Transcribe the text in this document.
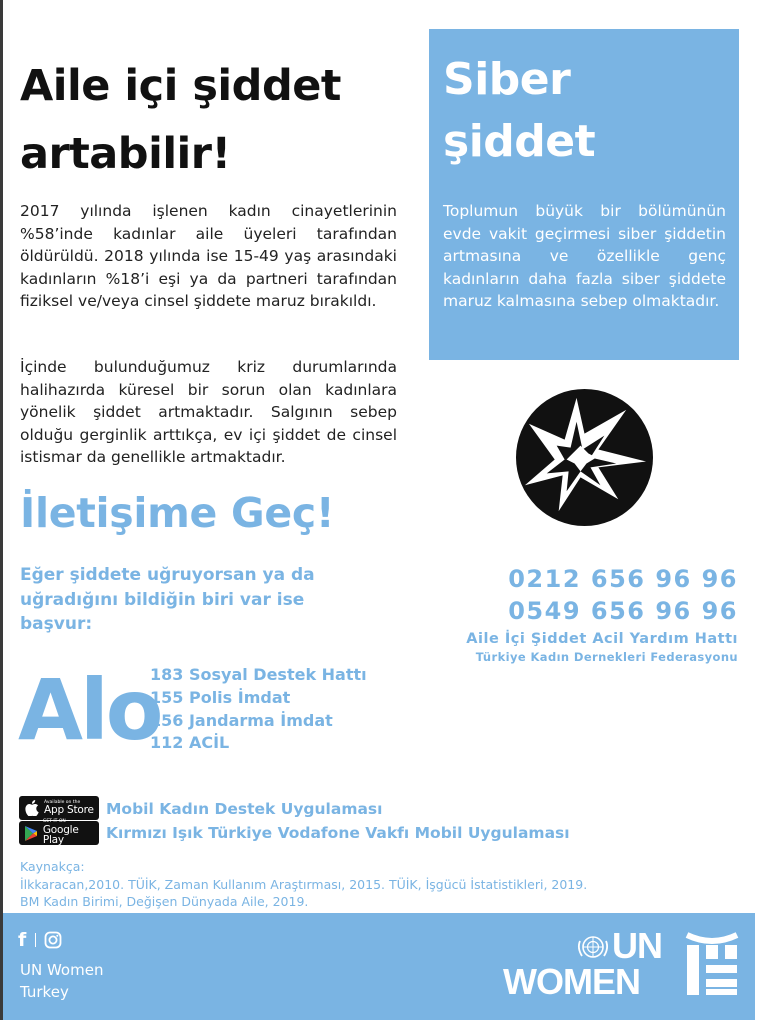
Aile içi şiddet
artabilir!

2017 yılında işlenen kadın cinayetlerinin %58’inde kadınlar aile üyeleri tarafından öldürüldü. 2018 yılında ise 15-49 yaş arasındaki kadınların %18’i eşi ya da partneri tarafından fiziksel ve/veya cinsel şiddete maruz bırakıldı.

İçinde bulunduğumuz kriz durumlarında halihazırda küresel bir sorun olan kadınlara yönelik şiddet artmaktadır. Salgının sebep olduğu gerginlik arttıkça, ev içi şiddet de cinsel istismar da genellikle artmaktadır.

Siber
şiddet

Toplumun büyük bir bölümünün evde vakit geçirmesi siber şiddetin artmasına ve özellikle genç kadınların daha fazla siber şiddete maruz kalmasına sebep olmaktadır.

İletişime Geç!

Eğer şiddete uğruyorsan ya da uğradığını bildiğin biri var ise başvur:

0212 656 96 96
0549 656 96 96
Aile İçi Şiddet Acil Yardım Hattı
Türkiye Kadın Dernekleri Federasyonu
Alo
183 Sosyal Destek Hattı
155 Polis İmdat
156 Jandarma İmdat
112 ACİL
Available on the
App Store
GET IT ON
Google Play

Mobil Kadın Destek Uygulaması

Kırmızı Işık Türkiye Vodafone Vakfı Mobil Uygulaması

Kaynakça:
İlkkaracan,2010. TÜİK, Zaman Kullanım Araştırması, 2015. TÜİK, İşgücü İstatistikleri, 2019.
BM Kadın Birimi, Değişen Dünyada Aile, 2019.
f

UN Women
Turkey

UN
WOMEN
